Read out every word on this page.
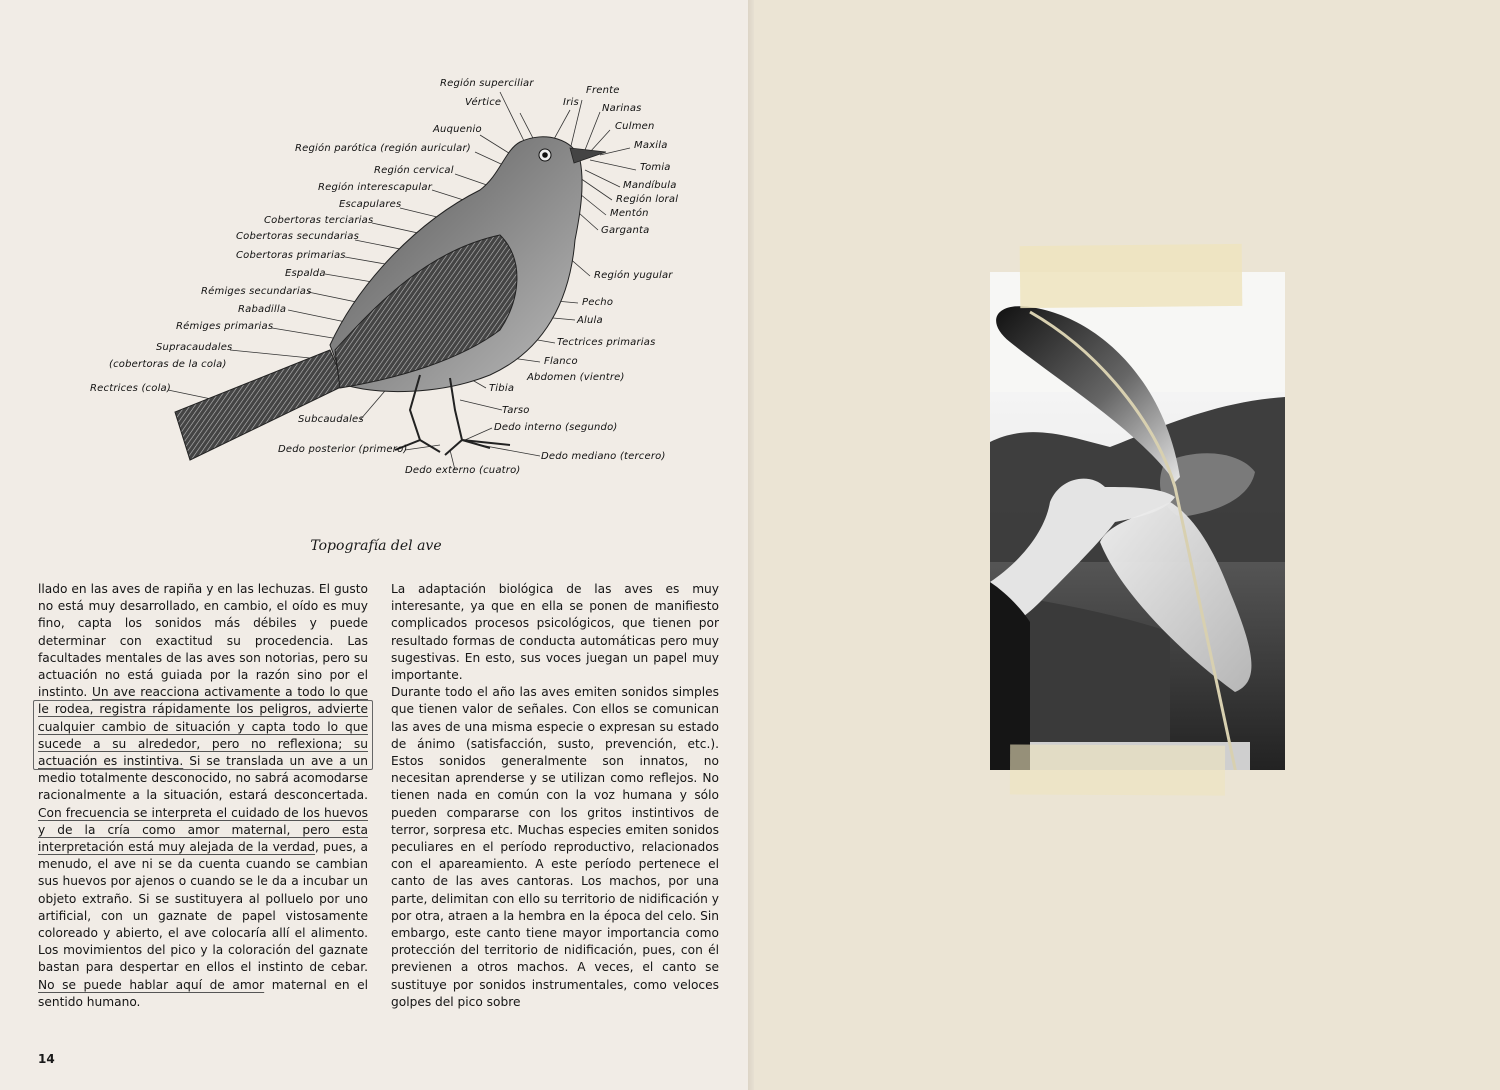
Región superciliar
Vértice	Iris
Frente
Narinas
Culmen
Auquenio
Maxila
Región parótica (región auricular)
Tomia
Región cervical
Mandíbula
Región interescapular
Región loral
Escapulares
Mentón
Cobertoras terciarias
Garganta
Cobertoras secundarias
Cobertoras primarias
Región yugular
Espalda
Rémiges secundarias
Pecho
Rabadilla
Alula
Rémiges primarias
Tectrices primarias
Supracaudales
(cobertoras de la cola)	Flanco
Abdomen (vientre)
Rectrices (cola)	Tibia
Tarso
Subcaudales
Dedo interno (segundo)
Dedo posterior (primero)
Dedo mediano (tercero)
Dedo externo (cuatro)
Topografía del ave

llado en las aves de rapiña y en las lechuzas. El gusto no está muy desarrollado, en cambio, el oído es muy fino, capta los sonidos más débiles y puede determinar con exactitud su procedencia. Las facultades mentales de las aves son notorias, pero su actuación no está guiada por la razón sino por el instinto. Un ave reacciona activamente a todo lo que le rodea, registra rápidamente los peligros, advierte cualquier cambio de situación y capta todo lo que sucede a su alrededor, pero no reflexiona; su actuación es instintiva. Si se translada un ave a un medio totalmente desconocido, no sabrá acomodarse racionalmente a la situación, estará desconcertada. Con frecuencia se interpreta el cuidado de los huevos y de la cría como amor maternal, pero esta interpretación está muy alejada de la verdad, pues, a menudo, el ave ni se da cuenta cuando se cambian sus huevos por ajenos o cuando se le da a incubar un objeto extraño. Si se sustituyera al polluelo por uno artificial, con un gaznate de papel vistosamente coloreado y abierto, el ave colocaría allí el alimento. Los movimientos del pico y la coloración del gaznate bastan para despertar en ellos el instinto de cebar. No se puede hablar aquí de amor maternal en el sentido humano.

La adaptación biológica de las aves es muy interesante, ya que en ella se ponen de manifiesto complicados procesos psicológicos, que tienen por resultado formas de conducta automáticas pero muy sugestivas. En esto, sus voces juegan un papel muy importante.

Durante todo el año las aves emiten sonidos simples que tienen valor de señales. Con ellos se comunican las aves de una misma especie o expresan su estado de ánimo (satisfacción, susto, prevención, etc.). Estos sonidos generalmente son innatos, no necesitan aprenderse y se utilizan como reflejos. No tienen nada en común con la voz humana y sólo pueden compararse con los gritos instintivos de terror, sorpresa etc. Muchas especies emiten sonidos peculiares en el período reproductivo, relacionados con el apareamiento. A este período pertenece el canto de las aves cantoras. Los machos, por una parte, delimitan con ello su territorio de nidificación y por otra, atraen a la hembra en la época del celo. Sin embargo, este canto tiene mayor importancia como protección del territorio de nidificación, pues, con él previenen a otros machos. A veces, el canto se sustituye por sonidos instrumentales, como veloces golpes del pico sobre

14
